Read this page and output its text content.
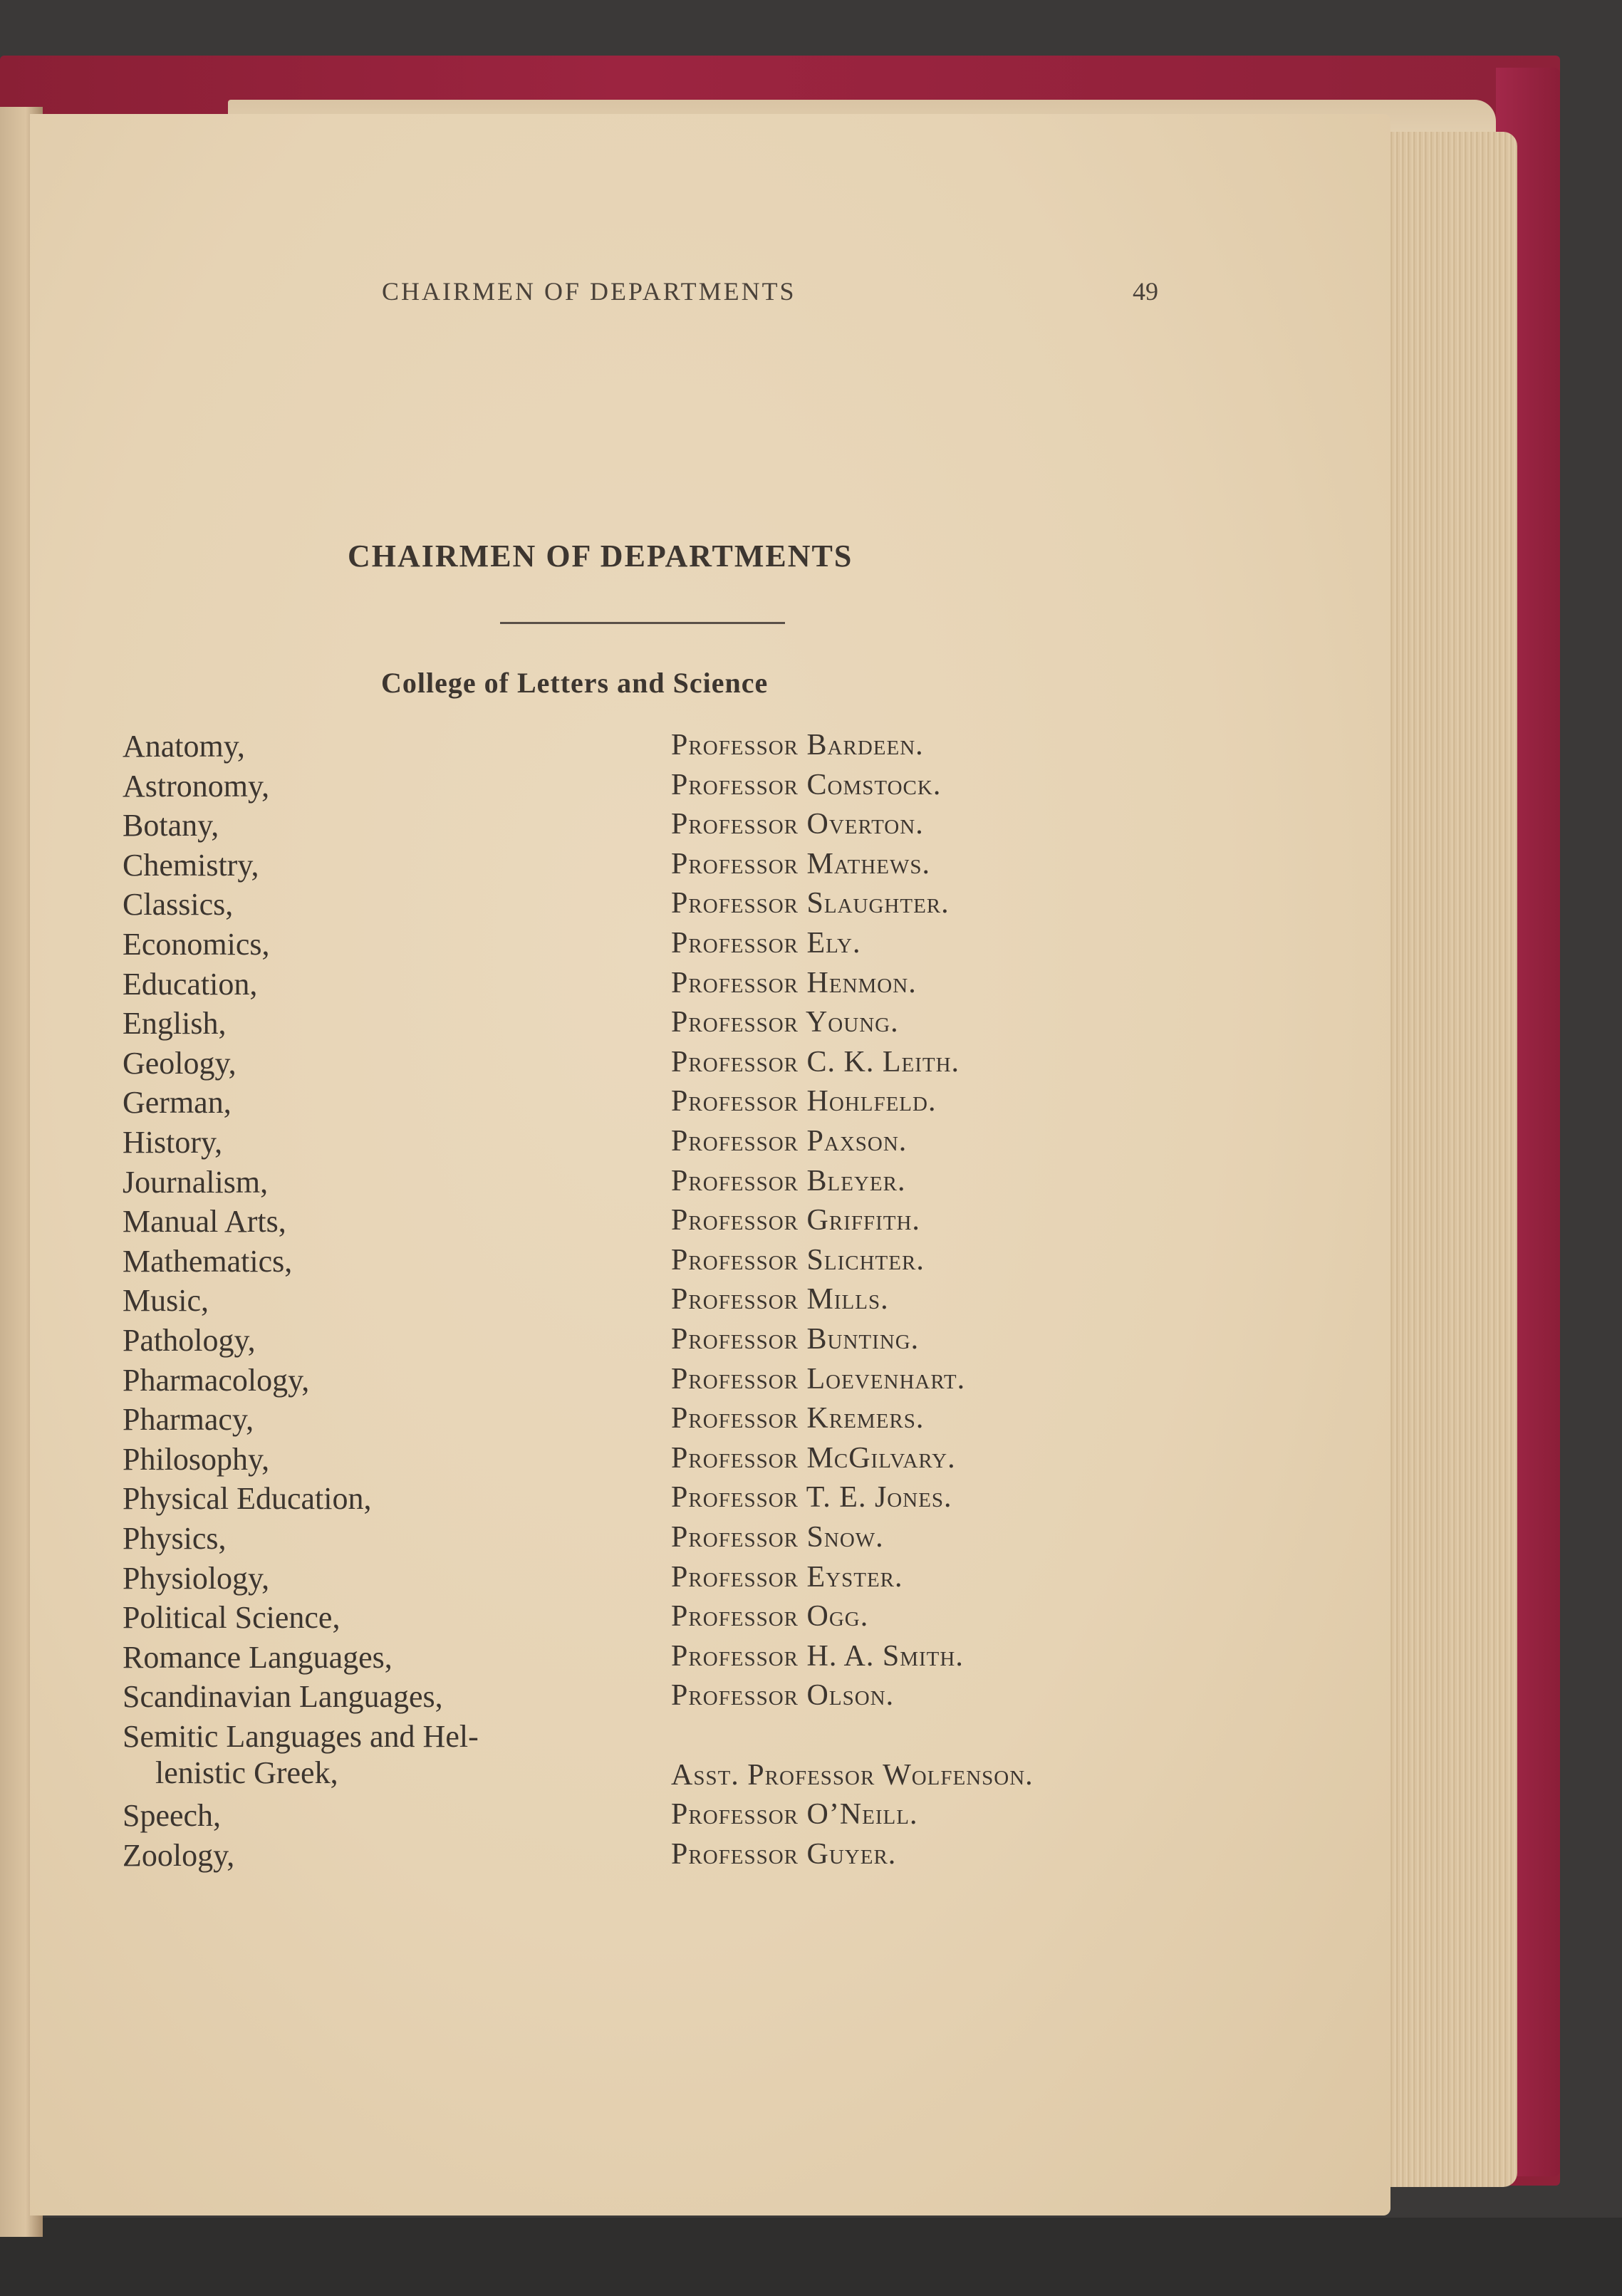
CHAIRMEN OF DEPARTMENTS	49
CHAIRMEN OF DEPARTMENTS
College of Letters and Science
Anatomy,	Professor Bardeen.
Astronomy,	Professor Comstock.
Botany,	Professor Overton.
Chemistry,	Professor Mathews.
Classics,	Professor Slaughter.
Economics,	Professor Ely.
Education,	Professor Henmon.
English,	Professor Young.
Geology,	Professor C. K. Leith.
German,	Professor Hohlfeld.
History,	Professor Paxson.
Journalism,	Professor Bleyer.
Manual Arts,	Professor Griffith.
Mathematics,	Professor Slichter.
Music,	Professor Mills.
Pathology,	Professor Bunting.
Pharmacology,	Professor Loevenhart.
Pharmacy,	Professor Kremers.
Philosophy,	Professor McGilvary.
Physical Education,	Professor T. E. Jones.
Physics,	Professor Snow.
Physiology,	Professor Eyster.
Political Science,	Professor Ogg.
Romance Languages,	Professor H. A. Smith.
Scandinavian Languages,	Professor Olson.
Semitic Languages and Hel-
lenistic Greek,	Asst. Professor Wolfenson.
Speech,	Professor O’Neill.
Zoology,	Professor Guyer.
